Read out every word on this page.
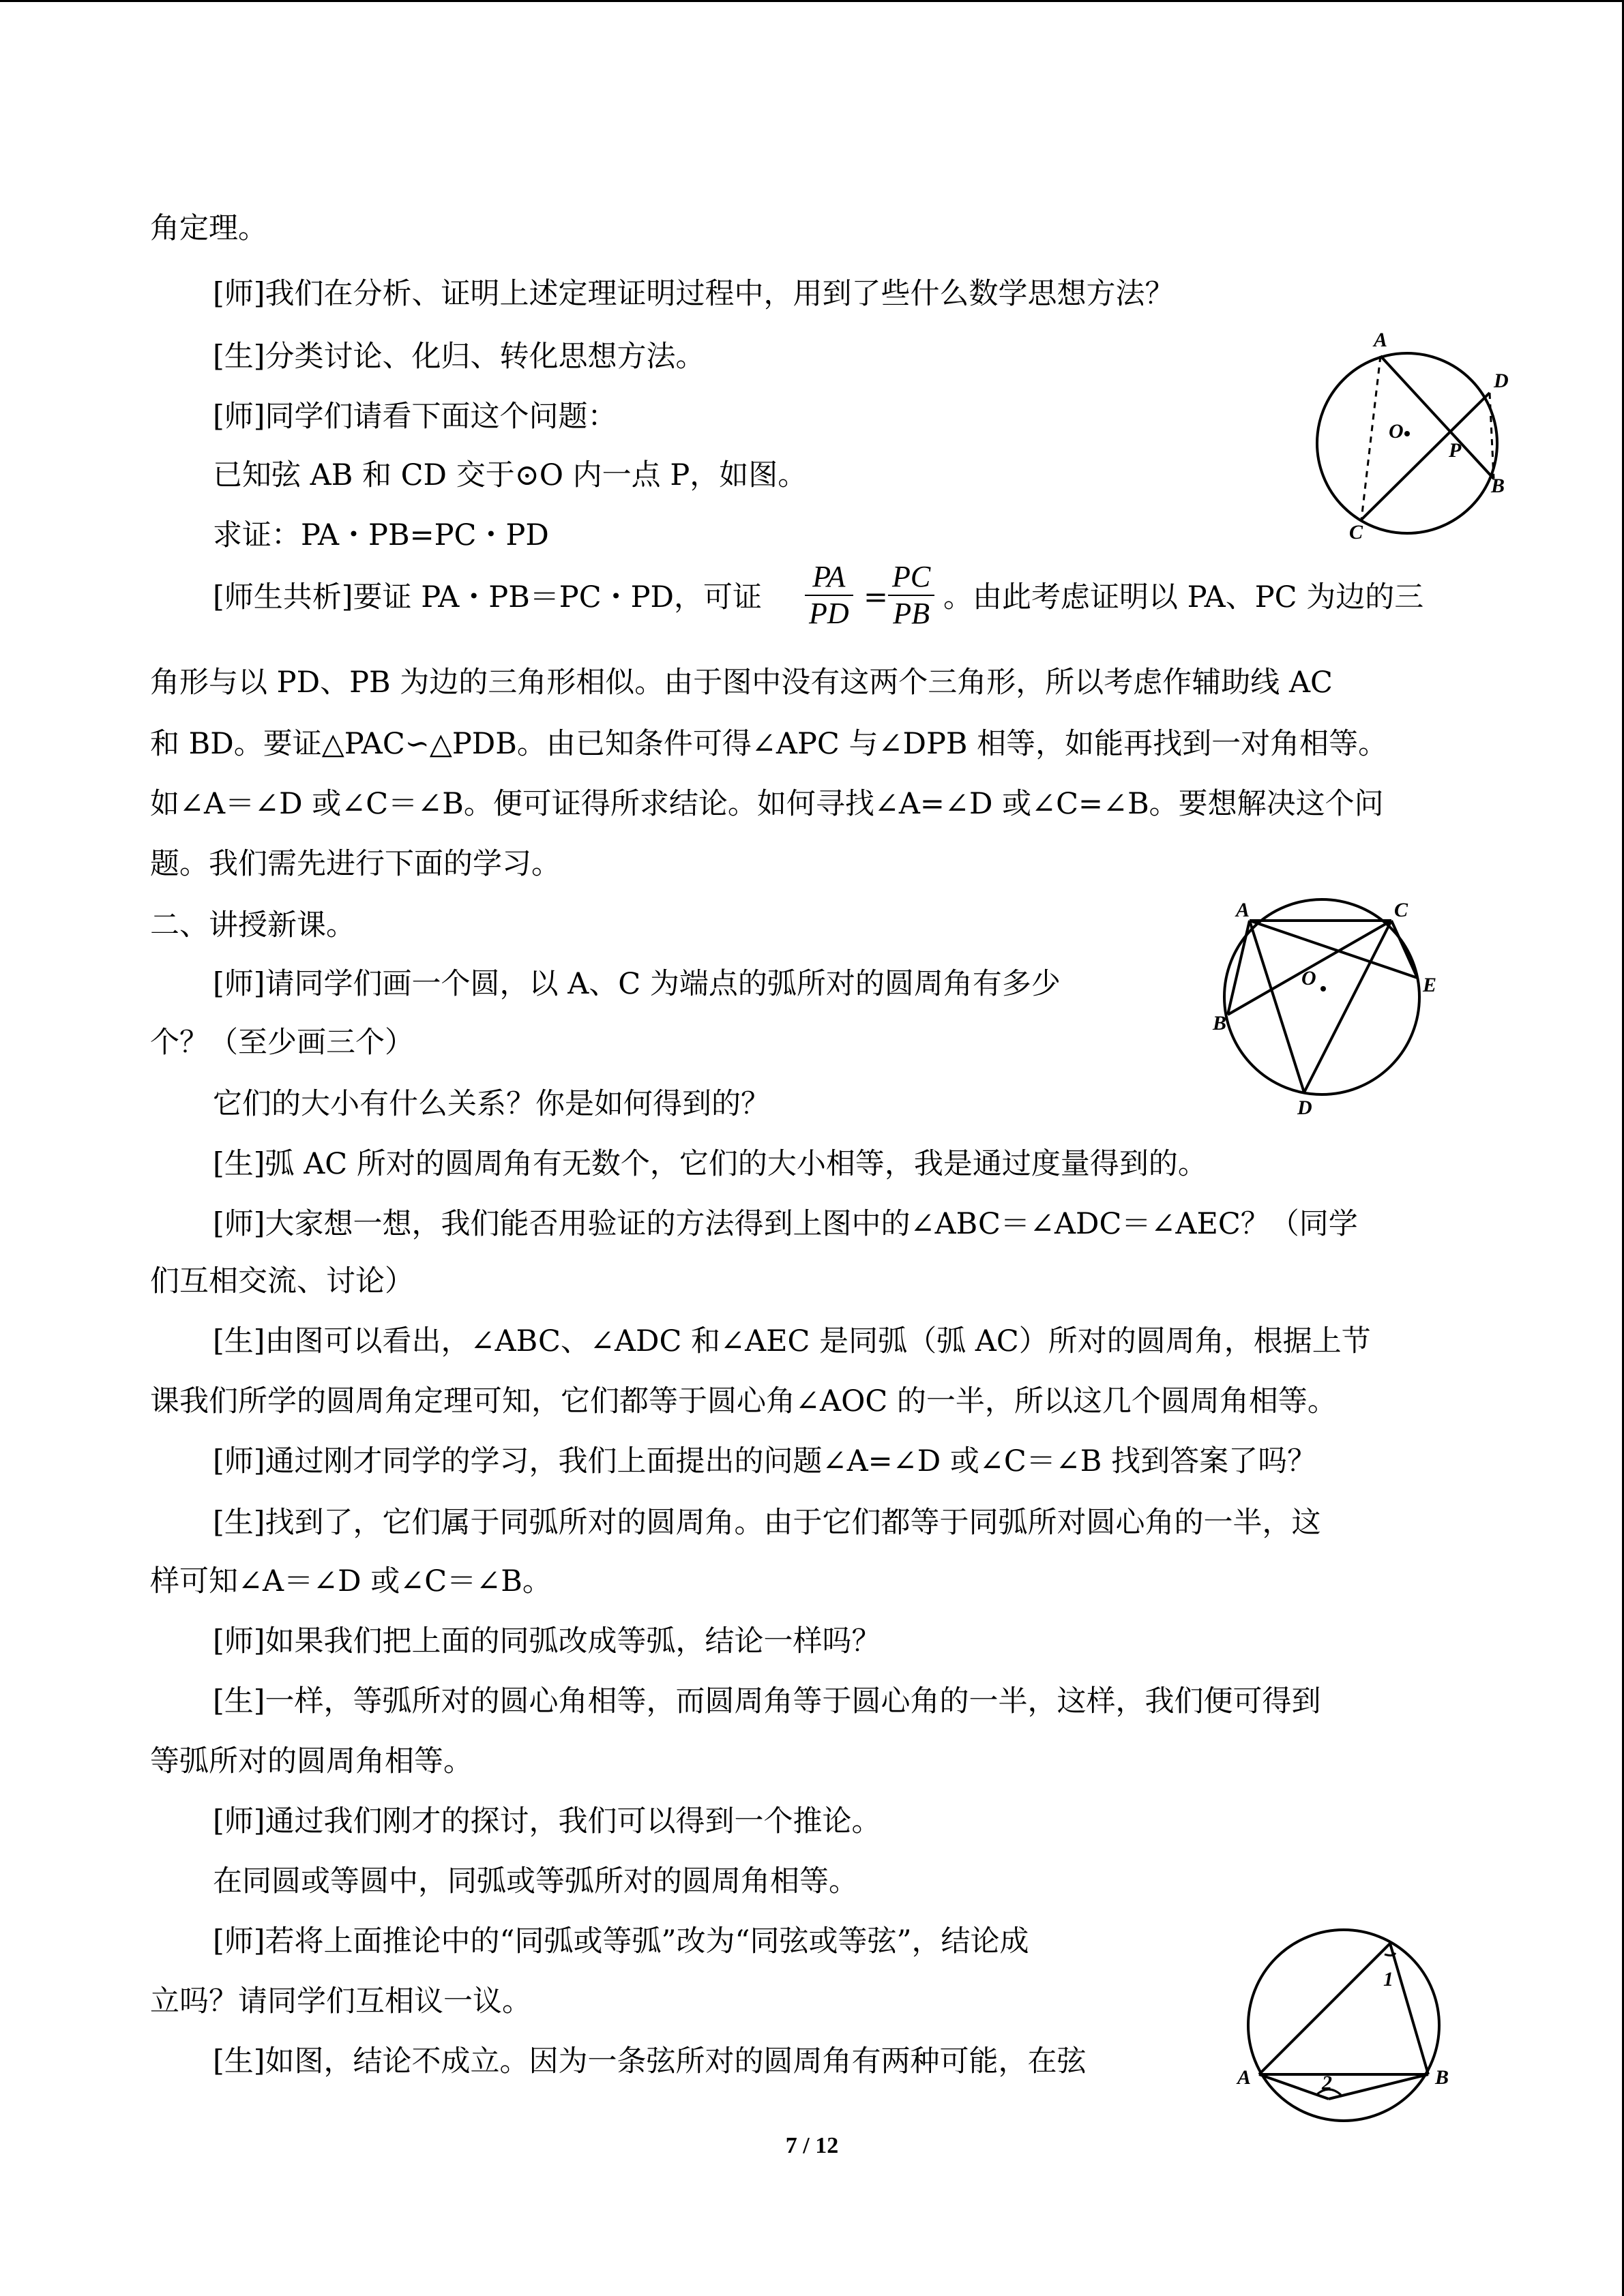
角定理。
[师]我们在分析、证明上述定理证明过程中，用到了些什么数学思想方法？
[生]分类讨论、化归、转化思想方法。
[师]同学们请看下面这个问题：
已知弦 AB 和 CD 交于⊙O 内一点 P，如图。
求证：PA・PB=PC・PD
[师生共析]要证 PA・PB＝PC・PD，可证
PA
PD =
PC
PB 。由此考虑证明以 PA、PC 为边的三
角形与以 PD、PB 为边的三角形相似。由于图中没有这两个三角形，所以考虑作辅助线 AC
和 BD。要证△PAC∽△PDB。由已知条件可得∠APC 与∠DPB 相等，如能再找到一对角相等。
如∠A＝∠D 或∠C＝∠B。便可证得所求结论。如何寻找∠A=∠D 或∠C=∠B。要想解决这个问
题。我们需先进行下面的学习。
二、讲授新课。
[师]请同学们画一个圆，以 A、C 为端点的弧所对的圆周角有多少
个？（至少画三个）
它们的大小有什么关系？你是如何得到的？
[生]弧 AC 所对的圆周角有无数个，它们的大小相等，我是通过度量得到的。
[师]大家想一想，我们能否用验证的方法得到上图中的∠ABC＝∠ADC＝∠AEC？（同学
们互相交流、讨论）
[生]由图可以看出，∠ABC、∠ADC 和∠AEC 是同弧（弧 AC）所对的圆周角，根据上节
课我们所学的圆周角定理可知，它们都等于圆心角∠AOC 的一半，所以这几个圆周角相等。
[师]通过刚才同学的学习，我们上面提出的问题∠A=∠D 或∠C＝∠B 找到答案了吗？
[生]找到了，它们属于同弧所对的圆周角。由于它们都等于同弧所对圆心角的一半，这
样可知∠A＝∠D 或∠C＝∠B。
[师]如果我们把上面的同弧改成等弧，结论一样吗？
[生]一样，等弧所对的圆心角相等，而圆周角等于圆心角的一半，这样，我们便可得到
等弧所对的圆周角相等。
[师]通过我们刚才的探讨，我们可以得到一个推论。
在同圆或等圆中，同弧或等弧所对的圆周角相等。
[师]若将上面推论中的“同弧或等弧”改为“同弦或等弦”，结论成
立吗？请同学们互相议一议。
[生]如图，结论不成立。因为一条弦所对的圆周角有两种可能，在弦
A
D
P
O
B
C
A	C
O	E
B
D
1
2
A	B
7 / 12
